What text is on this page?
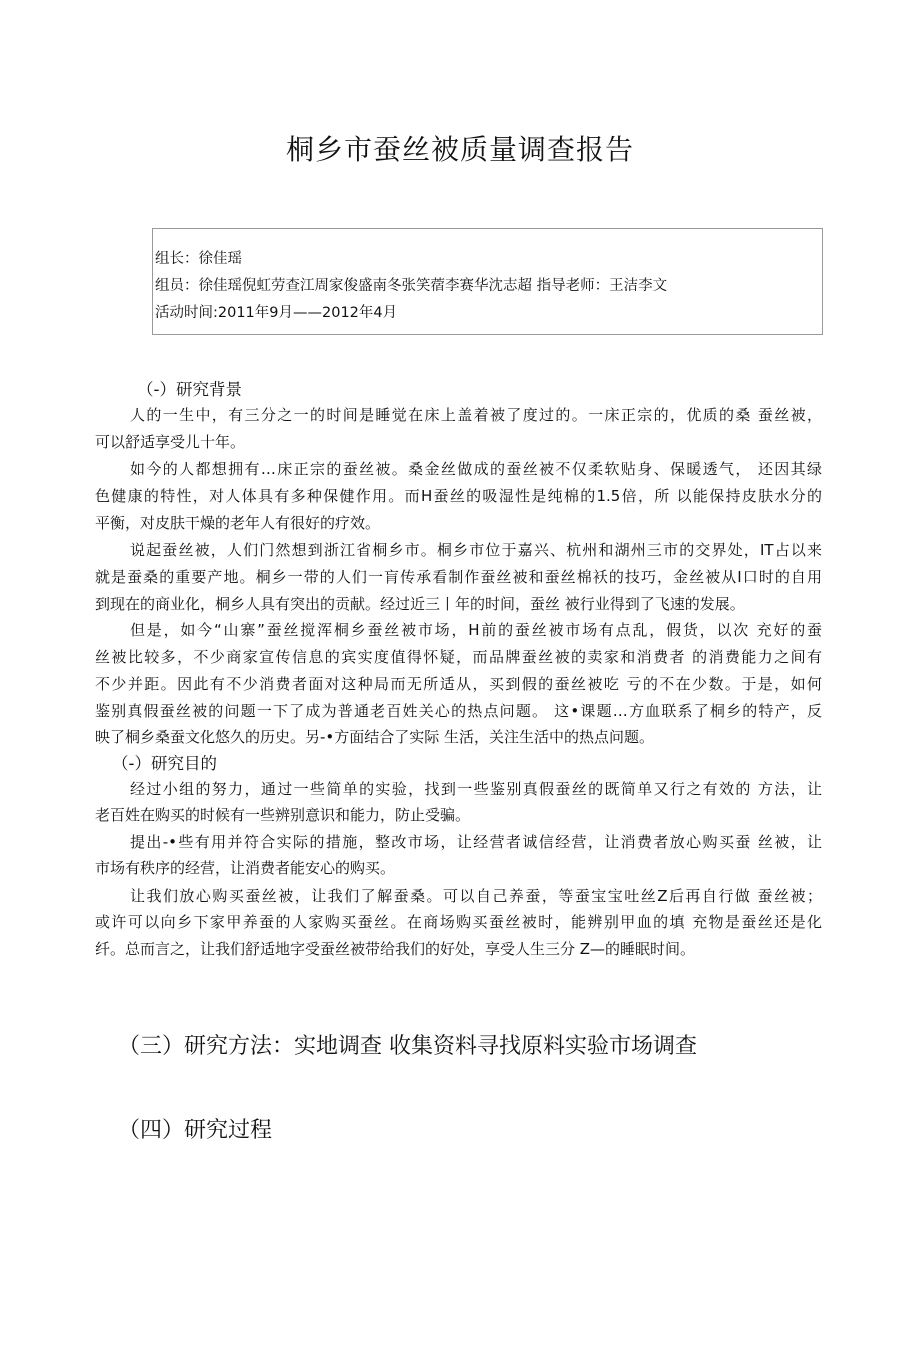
桐乡市蚕丝被质量调查报告
组长：徐佳瑶
组员：徐佳瑶倪虹劳查江周家俊盛南冬张笑蓿李赛华沈志超 指导老师：王洁李文
活动时间:2011年9月——2012年4月
（-）研究背景
人的一生中，有三分之一的时间是睡觉在床上盖着被了度过的。一床正宗的，优质的桑 蚕丝被，
可以舒适享受儿十年。
如今的人都想拥有…床正宗的蚕丝被。桑金丝做成的蚕丝被不仅柔软贴身、保暖透气， 还因其绿
色健康的特性，对人体具有多种保健作用。而H蚕丝的吸湿性是纯棉的1.5倍，所 以能保持皮肤水分的
平衡，对皮肤干燥的老年人有很好的疗效。
说起蚕丝被，人们门然想到浙江省桐乡市。桐乡市位于嘉兴、杭州和湖州三市的交界处，IT占以来
就是蚕桑的重要产地。桐乡一带的人们一肓传承看制作蚕丝被和蚕丝棉袄的技巧，金丝被从I口时的自用
到现在的商业化，桐乡人具有突出的贡献。经过近三丨年的时间，蚕丝 被行业得到了飞速的发展。
但是，如今“山寨”蚕丝搅浑桐乡蚕丝被市场，H前的蚕丝被市场有点乱，假货，以次 充好的蚕
丝被比较多，不少商家宣传信息的宾实度值得怀疑，而品牌蚕丝被的卖家和消费者 的消费能力之间有
不少并距。因此有不少消费者面对这种局而无所适从，买到假的蚕丝被吃 亏的不在少数。于是，如何
鉴别真假蚕丝被的问题一下了成为普通老百姓关心的热点问题。 这•课题…方血联系了桐乡的特产，反
映了桐乡桑蚕文化悠久的历史。另-•方面结合了实际 生活，关注生活中的热点问题。
（-）研究目的
经过小组的努力，通过一些简单的实验，找到一些鉴别真假蚕丝的既简单又行之有效的 方法，让
老百姓在购买的时候有一些辨别意识和能力，防止受骗。
提出-•些有用并符合实际的措施，整改市场，让经营者诚信经营，让消费者放心购买蚕 丝被，让
市场有秩序的经营，让消费者能安心的购买。
让我们放心购买蚕丝被，让我们了解蚕桑。可以自己养蚕，等蚕宝宝吐丝Z后再自行做 蚕丝被；
或许可以向乡下家甲养蚕的人家购买蚕丝。在商场购买蚕丝被时，能辨别甲血的填 充物是蚕丝还是化
纤。总而言之，让我们舒适地字受蚕丝被带给我们的好处，享受人生三分 Z—的睡眠时间。
（三）研究方法：实地调查 收集资料寻找原料实验市场调查
（四）研究过程
